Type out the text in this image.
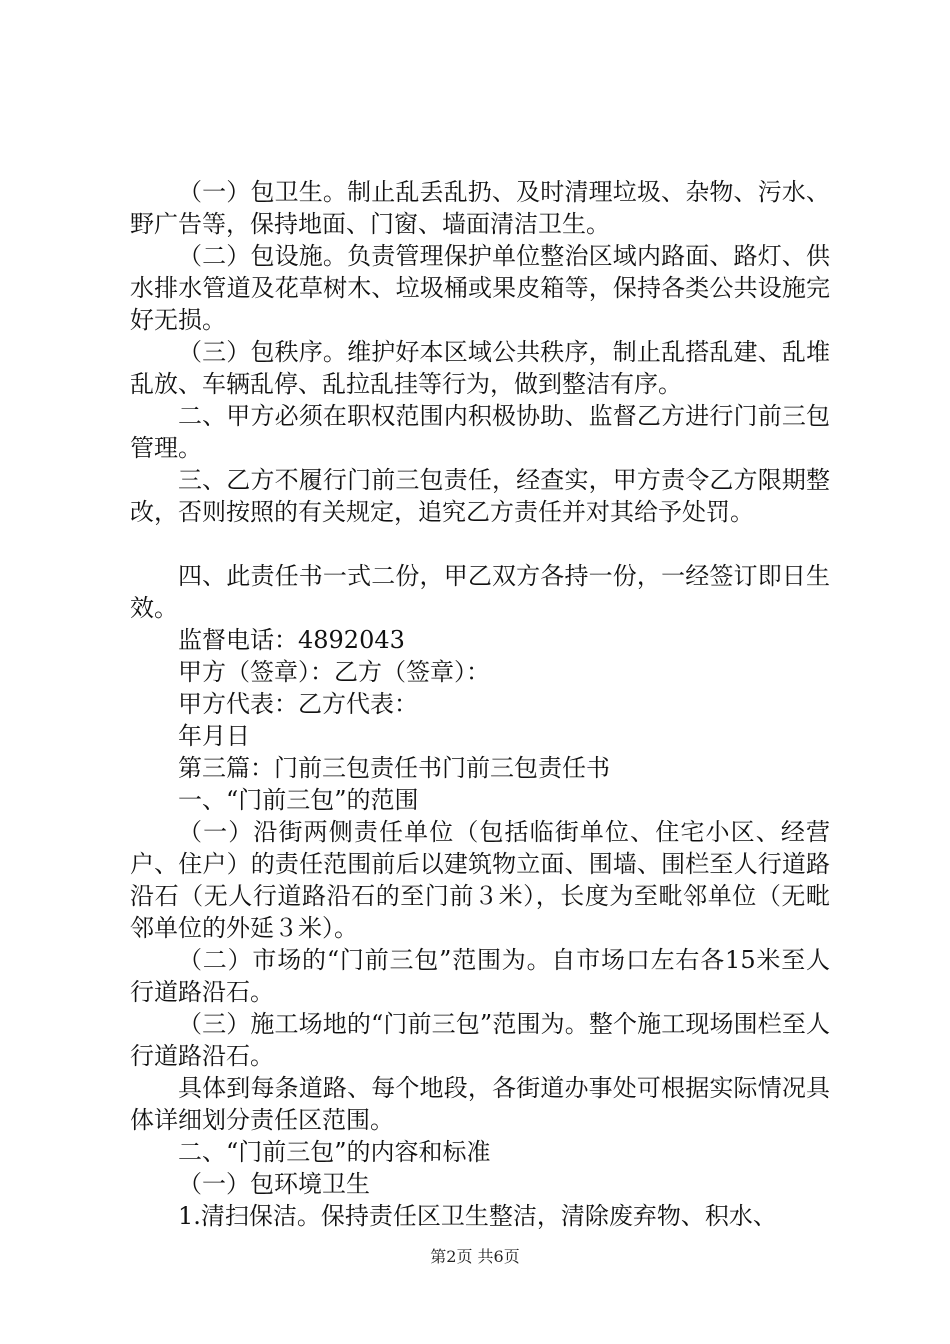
（一）包卫生。制止乱丢乱扔、及时清理垃圾、杂物、污水、野广告等，保持地面、门窗、墙面清洁卫生。

（二）包设施。负责管理保护单位整治区域内路面、路灯、供水排水管道及花草树木、垃圾桶或果皮箱等，保持各类公共设施完好无损。

（三）包秩序。维护好本区域公共秩序，制止乱搭乱建、乱堆乱放、车辆乱停、乱拉乱挂等行为，做到整洁有序。

二、甲方必须在职权范围内积极协助、监督乙方进行门前三包管理。

三、乙方不履行门前三包责任，经查实，甲方责令乙方限期整改，否则按照的有关规定，追究乙方责任并对其给予处罚。

四、此责任书一式二份，甲乙双方各持一份，一经签订即日生效。

监督电话：4892043

甲方（签章）：乙方（签章）：

甲方代表：乙方代表：

年月日

第三篇：门前三包责任书门前三包责任书

一、“门前三包”的范围

（一）沿街两侧责任单位（包括临街单位、住宅小区、经营户、住户）的责任范围前后以建筑物立面、围墙、围栏至人行道路沿石（无人行道路沿石的至门前３米），长度为至毗邻单位（无毗邻单位的外延３米）。

（二）市场的“门前三包”范围为。自市场口左右各15米至人行道路沿石。

（三）施工场地的“门前三包”范围为。整个施工现场围栏至人行道路沿石。

具体到每条道路、每个地段，各街道办事处可根据实际情况具体详细划分责任区范围。

二、“门前三包”的内容和标准

（一）包环境卫生

1.清扫保洁。保持责任区卫生整洁，清除废弃物、积水、

第2页 共6页
